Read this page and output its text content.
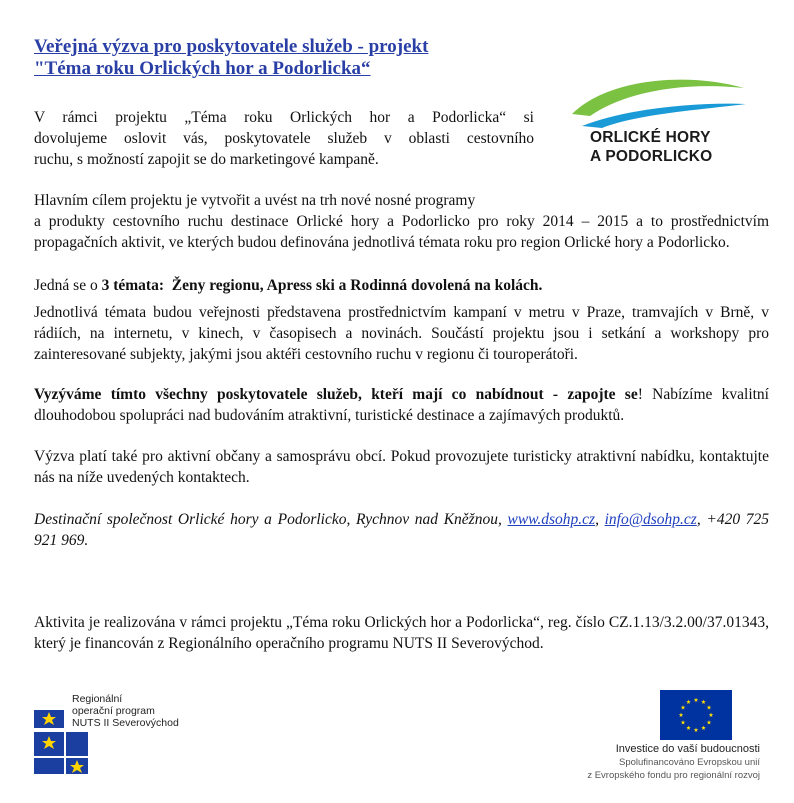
Veřejná výzva pro poskytovatele služeb - projekt
"Téma roku Orlických hor a Podorlicka“
V rámci projektu „Téma roku Orlických hor a Podorlicka“ si
dovolujeme oslovit vás, poskytovatele služeb v oblasti cestovního
ruchu, s možností zapojit se do marketingové kampaně.
ORLICKÉ HORY
A PODORLICKO
Hlavním cílem projektu je vytvořit a uvést na trh nové nosné programy
a produkty cestovního ruchu destinace Orlické hory a Podorlicko pro roky 2014 – 2015 a to prostřednictvím propagačních aktivit, ve kterých budou definována jednotlivá témata roku pro region Orlické hory a Podorlicko.
Jedná se o 3 témata: Ženy regionu, Apress ski a Rodinná dovolená na kolách.
Jednotlivá témata budou veřejnosti představena prostřednictvím kampaní v metru v Praze, tramvajích v Brně, v rádiích, na internetu, v kinech, v časopisech a novinách. Součástí projektu jsou i setkání a workshopy pro zainteresované subjekty, jakými jsou aktéři cestovního ruchu v regionu či touroperátoři.
Vyzýváme tímto všechny poskytovatele služeb, kteří mají co nabídnout - zapojte se! Nabízíme kvalitní dlouhodobou spolupráci nad budováním atraktivní, turistické destinace a zajímavých produktů.
Výzva platí také pro aktivní občany a samosprávu obcí. Pokud provozujete turisticky atraktivní nabídku, kontaktujte nás na níže uvedených kontaktech.
Destinační společnost Orlické hory a Podorlicko, Rychnov nad Kněžnou, www.dsohp.cz, info@dsohp.cz, +420 725 921 969.
Aktivita je realizována v rámci projektu „Téma roku Orlických hor a Podorlicka“, reg. číslo CZ.1.13/3.2.00/37.01343, který je financován z Regionálního operačního programu NUTS II Severovýchod.
Regionální
operační program
NUTS II Severovýchod
Investice do vaší budoucnosti
Spolufinancováno Evropskou unií
z Evropského fondu pro regionální rozvoj
